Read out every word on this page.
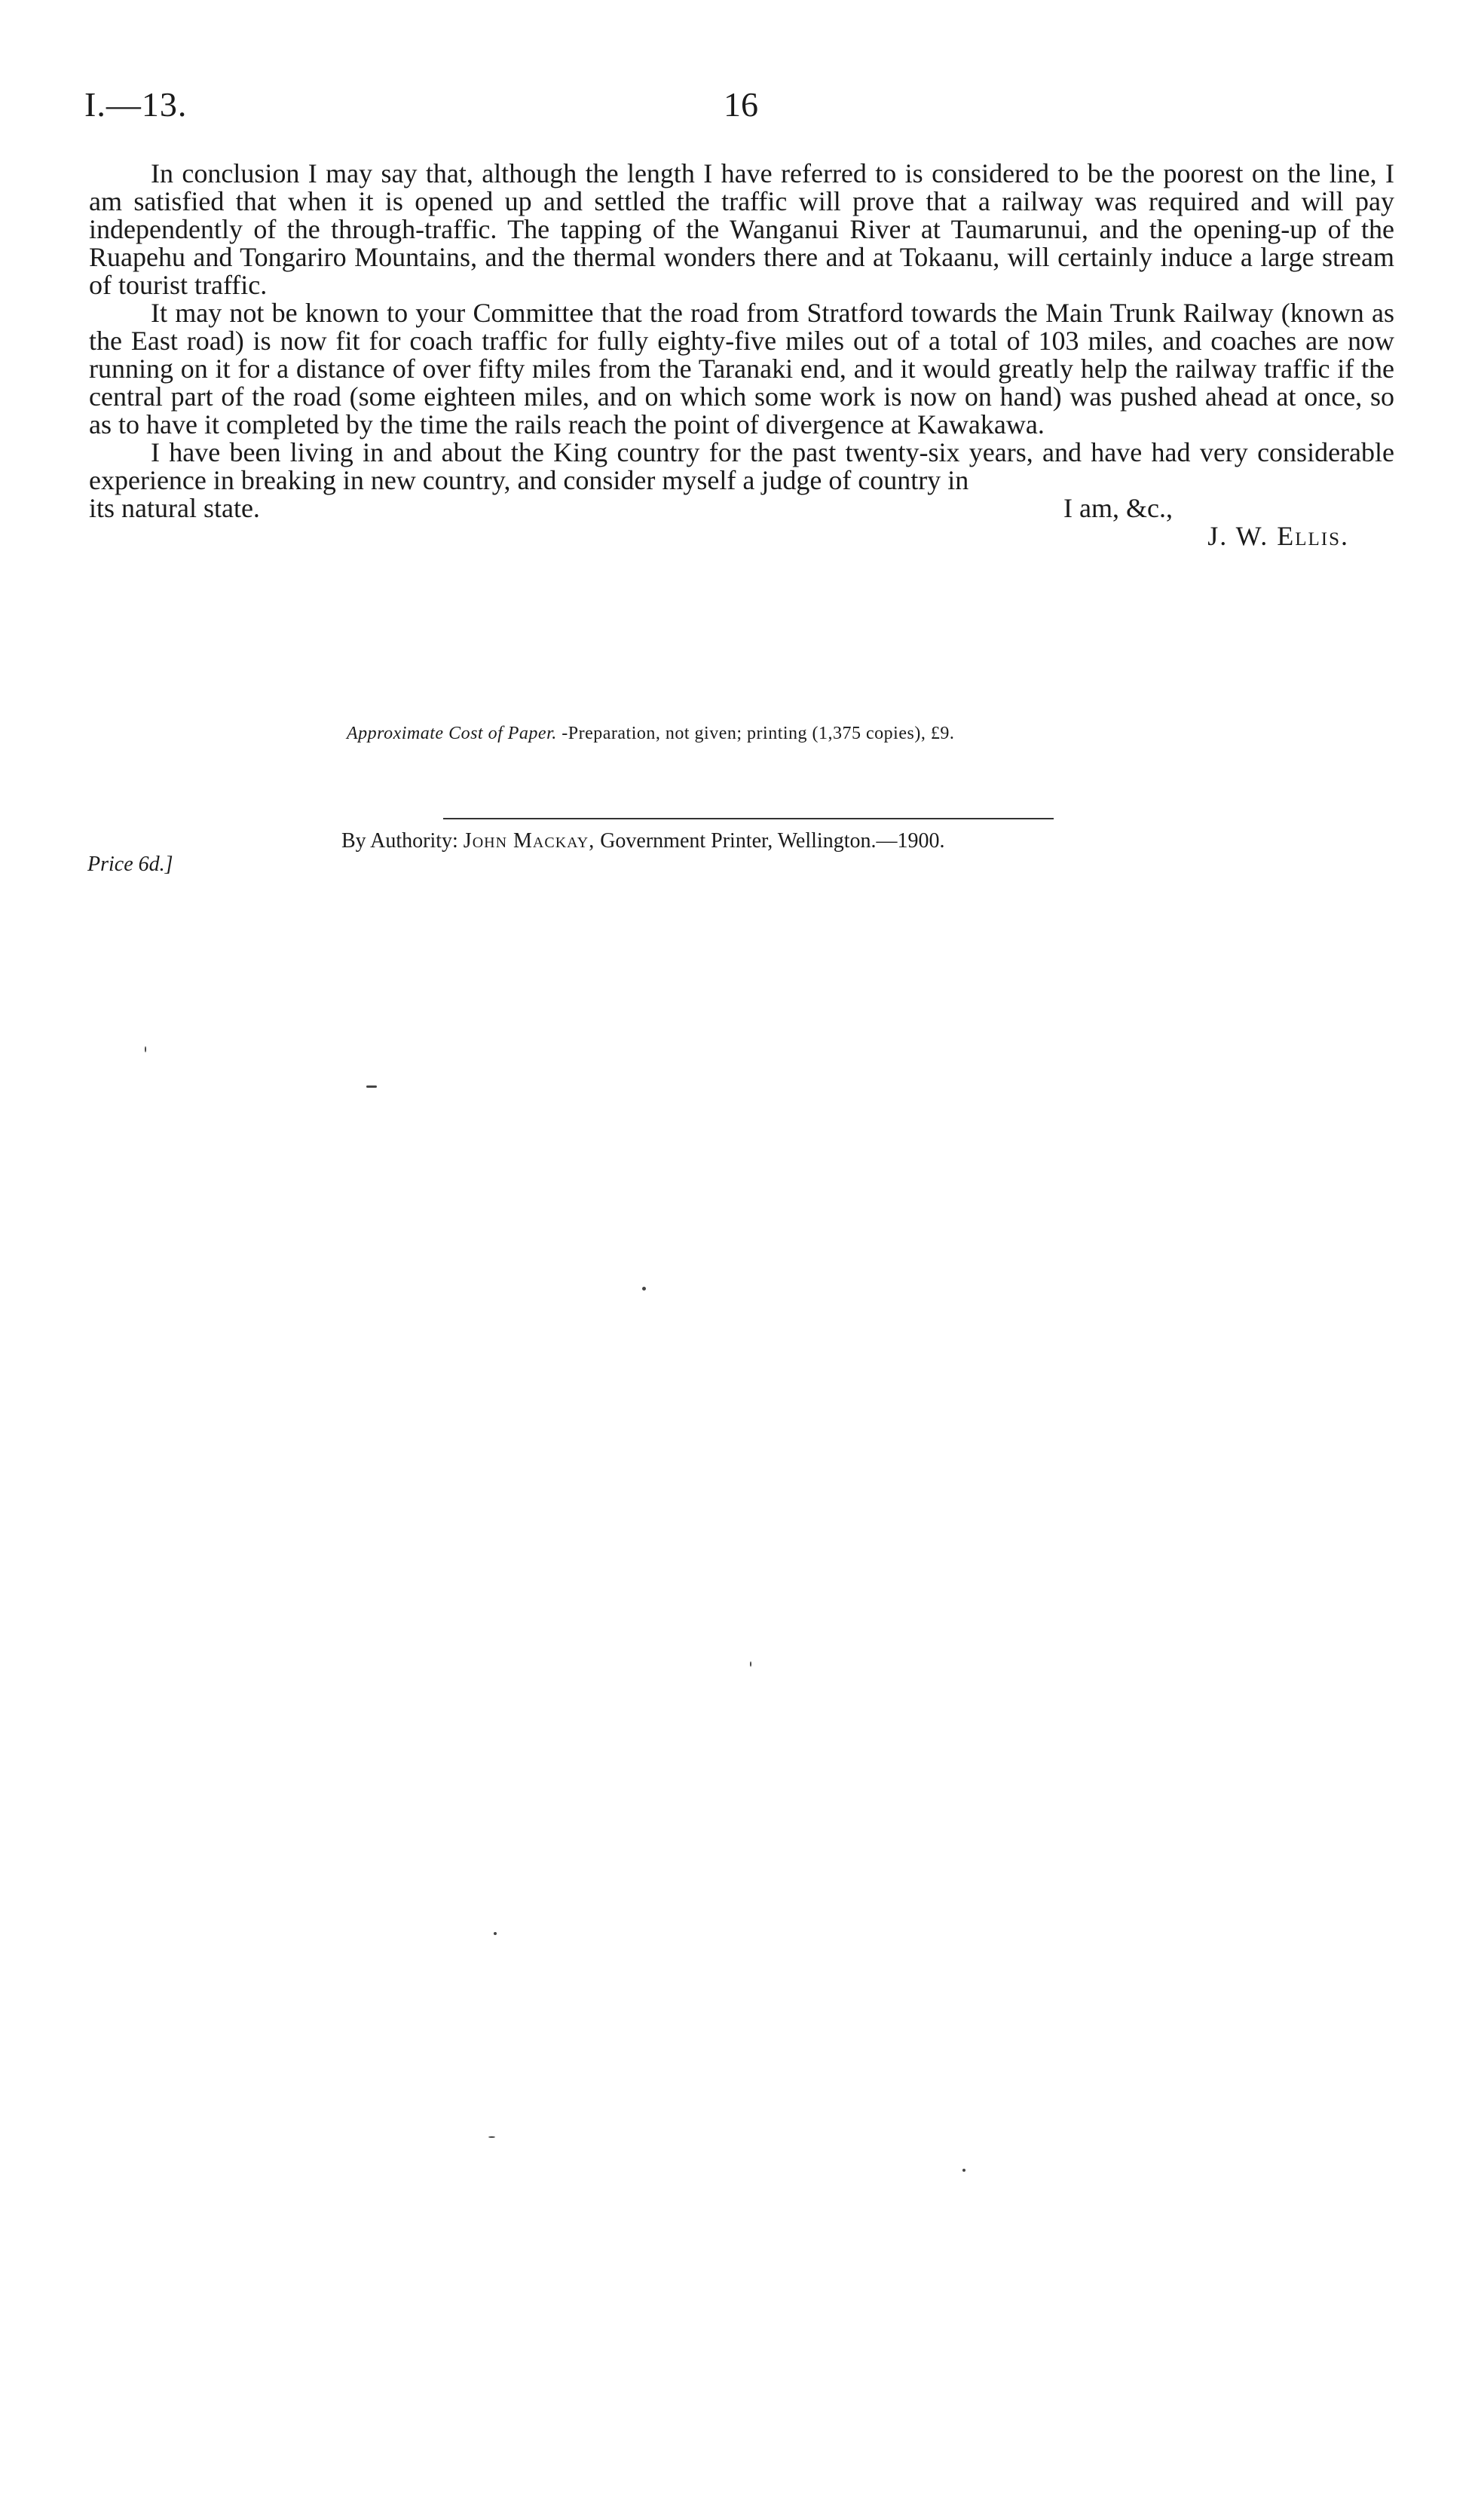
I.—13.	16

In conclusion I may say that, although the length I have referred to is considered to be the poorest on the line, I am satisfied that when it is opened up and settled the traffic will prove that a railway was required and will pay independently of the through-traffic. The tapping of the Wanganui River at Taumarunui, and the opening-up of the Ruapehu and Tongariro Mountains, and the thermal wonders there and at Tokaanu, will certainly induce a large stream of tourist traffic.

It may not be known to your Committee that the road from Stratford towards the Main Trunk Railway (known as the East road) is now fit for coach traffic for fully eighty-five miles out of a total of 103 miles, and coaches are now running on it for a distance of over fifty miles from the Taranaki end, and it would greatly help the railway traffic if the central part of the road (some eighteen miles, and on which some work is now on hand) was pushed ahead at once, so as to have it completed by the time the rails reach the point of divergence at Kawakawa.

I have been living in and about the King country for the past twenty-six years, and have had very considerable experience in breaking in new country, and consider myself a judge of country in

its natural state.	I am, &c.,
J. W. Ellis.
Approximate Cost of Paper. -Preparation, not given; printing (1,375 copies), £9.
By Authority: John Mackay, Government Printer, Wellington.—1900.
Price 6d.]
